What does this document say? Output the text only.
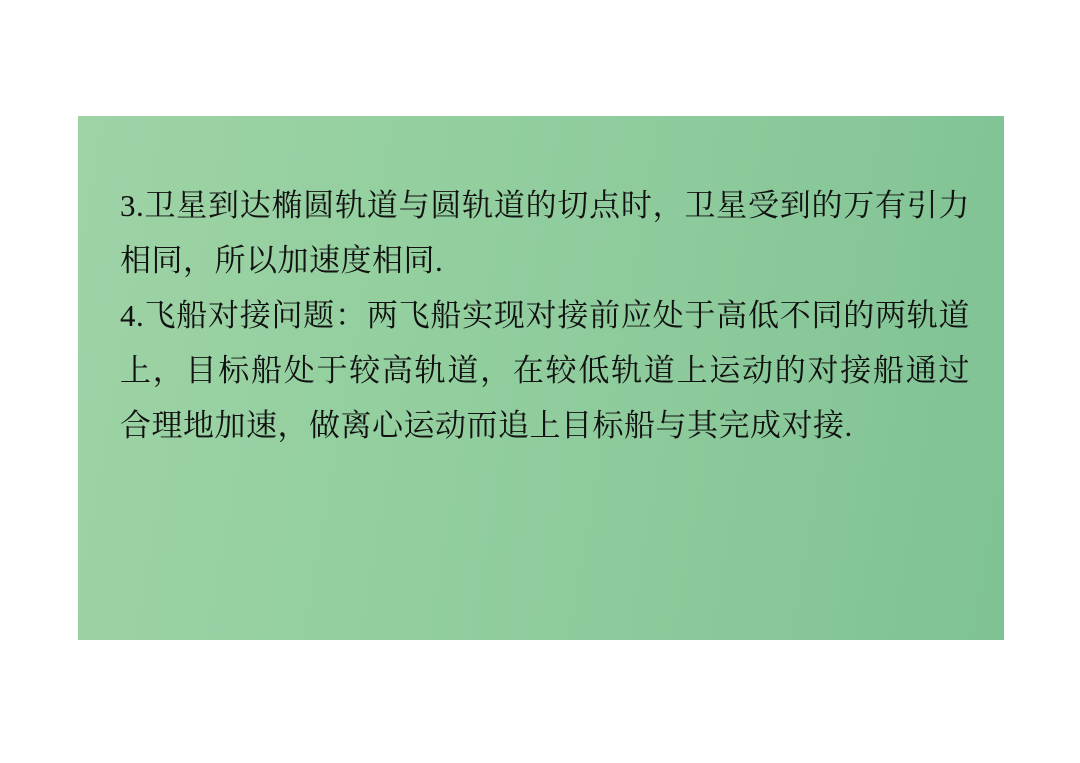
3.卫星到达椭圆轨道与圆轨道的切点时，卫星受到的万有引力相同，所以加速度相同.

4.飞船对接问题：两飞船实现对接前应处于高低不同的两轨道上，目标船处于较高轨道，在较低轨道上运动的对接船通过合理地加速，做离心运动而追上目标船与其完成对接.
